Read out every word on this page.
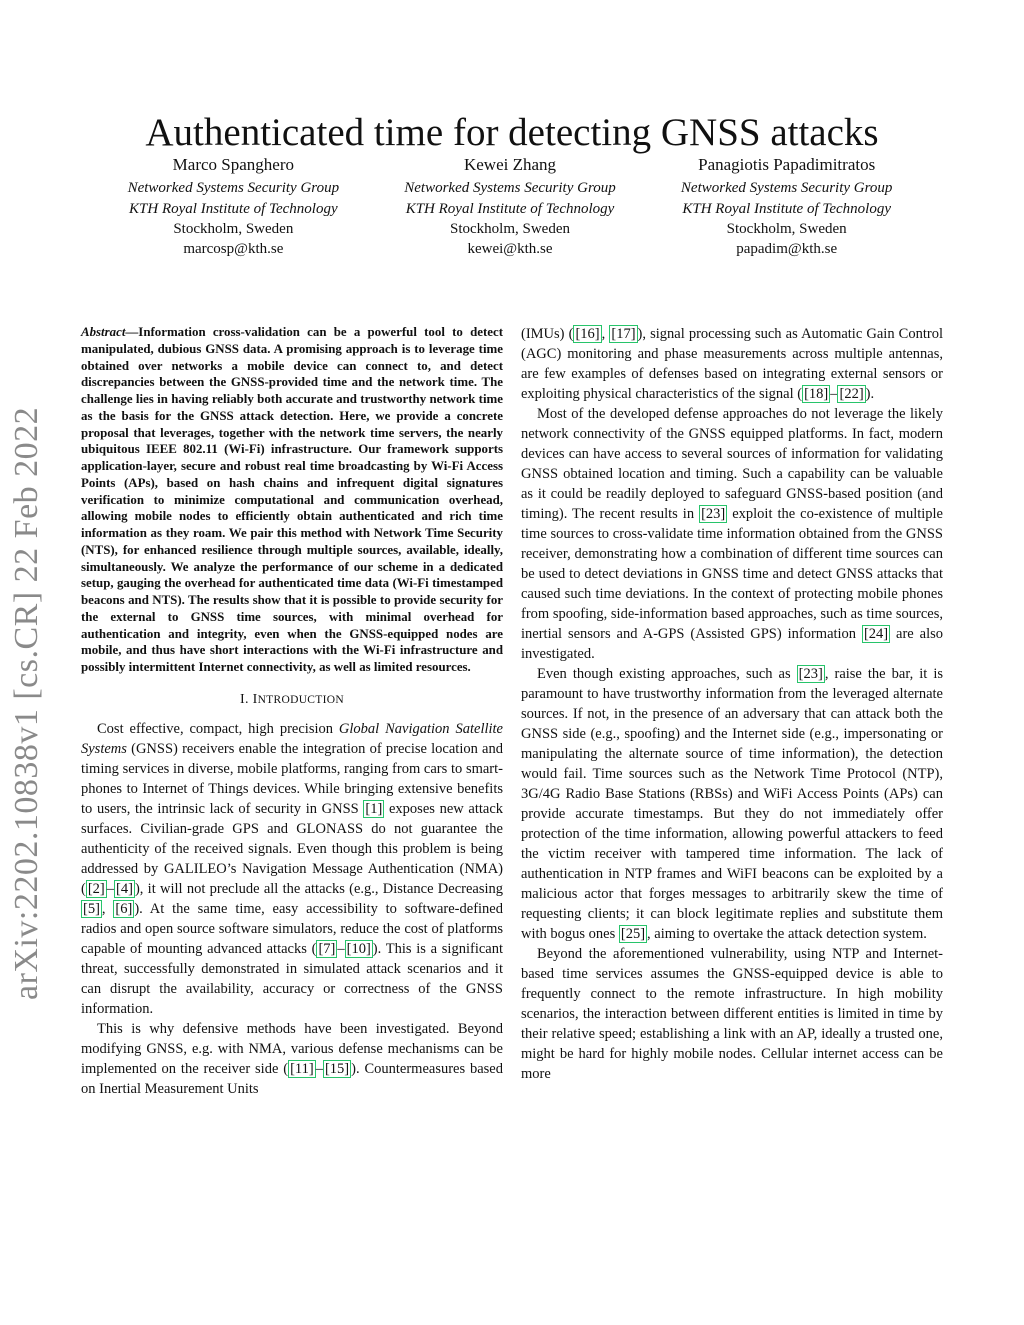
arXiv:2202.10838v1 [cs.CR] 22 Feb 2022
Authenticated time for detecting GNSS attacks
Marco Spanghero
Networked Systems Security Group
KTH Royal Institute of Technology
Stockholm, Sweden
marcosp@kth.se
Kewei Zhang
Networked Systems Security Group
KTH Royal Institute of Technology
Stockholm, Sweden
kewei@kth.se
Panagiotis Papadimitratos
Networked Systems Security Group
KTH Royal Institute of Technology
Stockholm, Sweden
papadim@kth.se

Abstract—Information cross-validation can be a powerful tool to detect manipulated, dubious GNSS data. A promising approach is to leverage time obtained over networks a mobile device can connect to, and detect discrepancies between the GNSS-provided time and the network time. The challenge lies in having reliably both accurate and trustworthy network time as the basis for the GNSS attack detection. Here, we provide a concrete proposal that leverages, together with the network time servers, the nearly ubiquitous IEEE 802.11 (Wi-Fi) infrastructure. Our framework supports application-layer, secure and robust real time broadcasting by Wi-Fi Access Points (APs), based on hash chains and infrequent digital signatures verification to minimize computational and communication overhead, allowing mobile nodes to efficiently obtain authenticated and rich time information as they roam. We pair this method with Network Time Security (NTS), for enhanced resilience through multiple sources, available, ideally, simultaneously. We analyze the performance of our scheme in a dedicated setup, gauging the overhead for authenticated time data (Wi-Fi timestamped beacons and NTS). The results show that it is possible to provide security for the external to GNSS time sources, with minimal overhead for authentication and integrity, even when the GNSS-equipped nodes are mobile, and thus have short interactions with the Wi-Fi infrastructure and possibly intermittent Internet connectivity, as well as limited resources.

I. INTRODUCTION

Cost effective, compact, high precision Global Navigation Satellite Systems (GNSS) receivers enable the integration of precise location and timing services in diverse, mobile platforms, ranging from cars to smart-phones to Internet of Things devices. While bringing extensive benefits to users, the intrinsic lack of security in GNSS [1] exposes new attack surfaces. Civilian-grade GPS and GLONASS do not guarantee the authenticity of the received signals. Even though this problem is being addressed by GALILEO’s Navigation Message Authentication (NMA) ( [2] – [4] ), it will not preclude all the attacks (e.g., Distance Decreasing [5] , [6] ). At the same time, easy accessibility to software-defined radios and open source software simulators, reduce the cost of platforms capable of mounting advanced attacks ( [7] – [10] ). This is a significant threat, successfully demonstrated in simulated attack scenarios and it can disrupt the availability, accuracy or correctness of the GNSS information.

This is why defensive methods have been investigated. Beyond modifying GNSS, e.g. with NMA, various defense mechanisms can be implemented on the receiver side ( [11] – [15] ). Countermeasures based on Inertial Measurement Units

(IMUs) ( [16] , [17] ), signal processing such as Automatic Gain Control (AGC) monitoring and phase measurements across multiple antennas, are few examples of defenses based on integrating external sensors or exploiting physical characteristics of the signal ( [18] – [22] ).

Most of the developed defense approaches do not leverage the likely network connectivity of the GNSS equipped platforms. In fact, modern devices can have access to several sources of information for validating GNSS obtained location and timing. Such a capability can be valuable as it could be readily deployed to safeguard GNSS-based position (and timing). The recent results in [23] exploit the co-existence of multiple time sources to cross-validate time information obtained from the GNSS receiver, demonstrating how a combination of different time sources can be used to detect deviations in GNSS time and detect GNSS attacks that caused such time deviations. In the context of protecting mobile phones from spoofing, side-information based approaches, such as time sources, inertial sensors and A-GPS (Assisted GPS) information [24] are also investigated.

Even though existing approaches, such as [23] , raise the bar, it is paramount to have trustworthy information from the leveraged alternate sources. If not, in the presence of an adversary that can attack both the GNSS side (e.g., spoofing) and the Internet side (e.g., impersonating or manipulating the alternate source of time information), the detection would fail. Time sources such as the Network Time Protocol (NTP), 3G/4G Radio Base Stations (RBSs) and WiFi Access Points (APs) can provide accurate timestamps. But they do not immediately offer protection of the time information, allowing powerful attackers to feed the victim receiver with tampered time information. The lack of authentication in NTP frames and WiFI beacons can be exploited by a malicious actor that forges messages to arbitrarily skew the time of requesting clients; it can block legitimate replies and substitute them with bogus ones [25] , aiming to overtake the attack detection system.

Beyond the aforementioned vulnerability, using NTP and Internet-based time services assumes the GNSS-equipped device is able to frequently connect to the remote infrastructure. In high mobility scenarios, the interaction between different entities is limited in time by their relative speed; establishing a link with an AP, ideally a trusted one, might be hard for highly mobile nodes. Cellular internet access can be more
